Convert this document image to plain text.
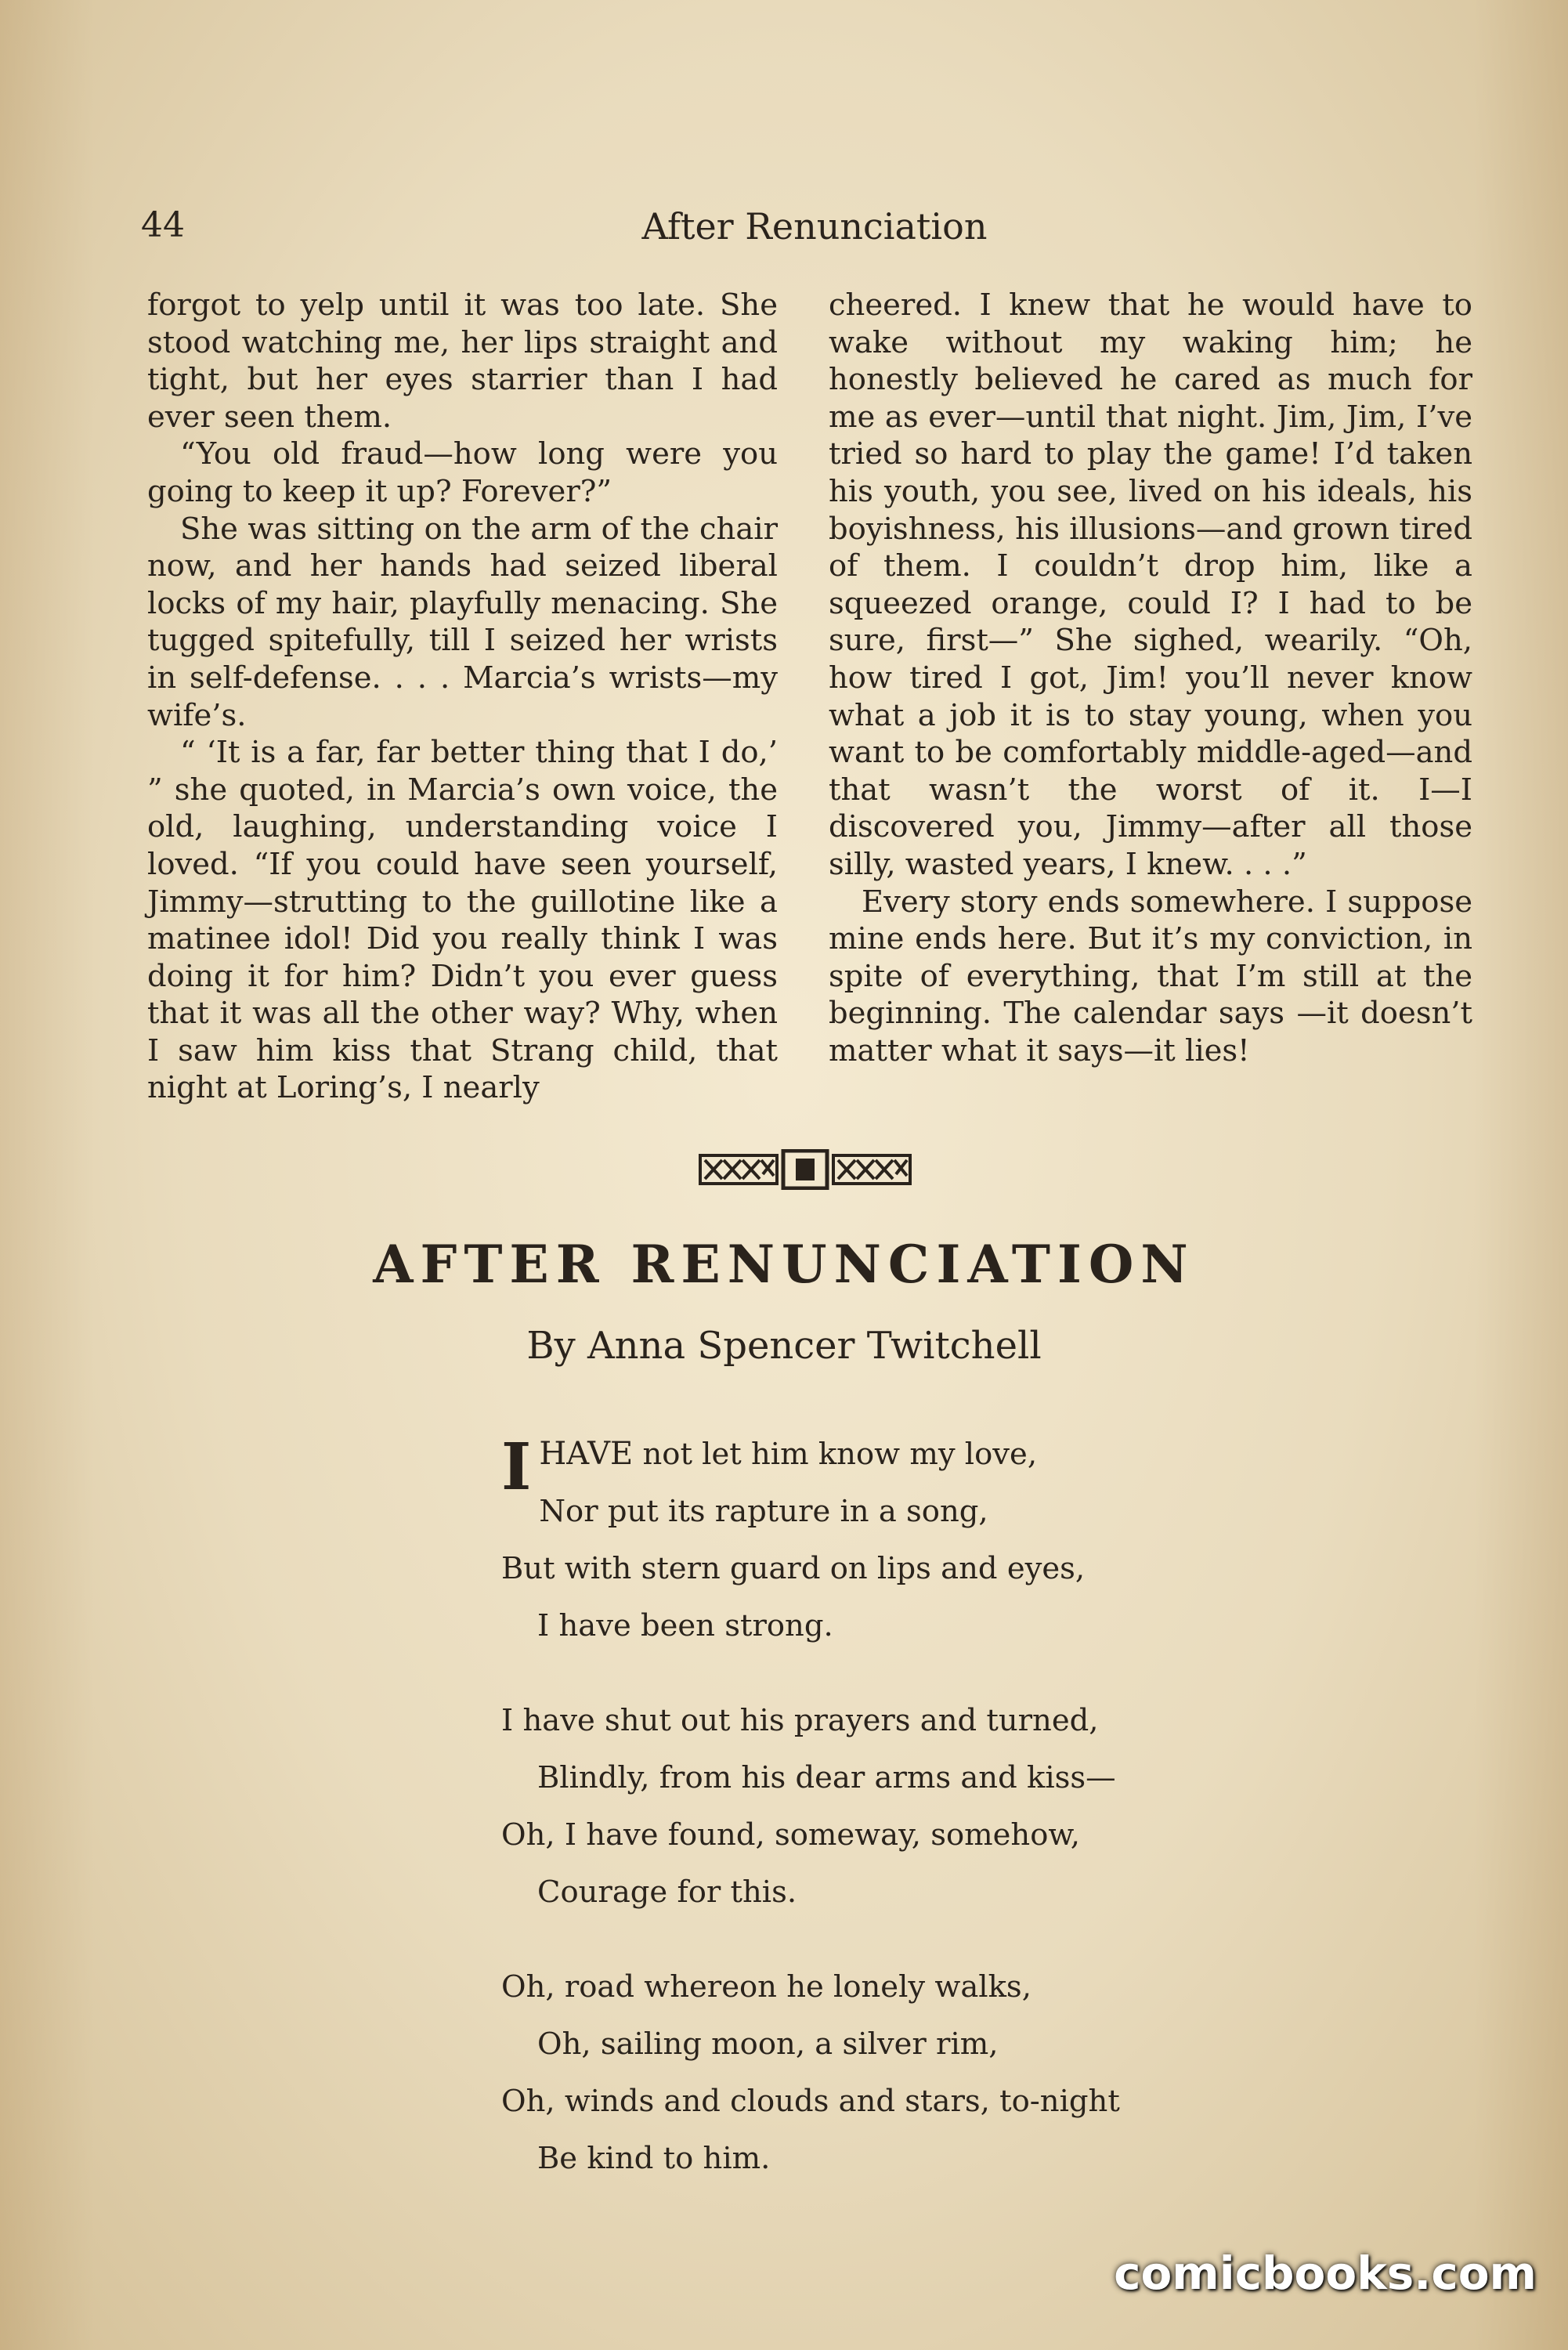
44	After Renunciation

forgot to yelp until it was too late. She stood watching me, her lips straight and tight, but her eyes starrier than I had ever seen them.

“You old fraud—how long were you going to keep it up? Forever?”

She was sitting on the arm of the chair now, and her hands had seized liberal locks of my hair, playfully menacing. She tugged spitefully, till I seized her wrists in self-defense. . . . Marcia’s wrists—my wife’s.

“ ‘It is a far, far better thing that I do,’ ” she quoted, in Marcia’s own voice, the old, laughing, understanding voice I loved. “If you could have seen yourself, Jimmy—strutting to the guillotine like a matinee idol! Did you really think I was doing it for him? Didn’t you ever guess that it was all the other way? Why, when I saw him kiss that Strang child, that night at Loring’s, I nearly

cheered. I knew that he would have to wake without my waking him; he honestly believed he cared as much for me as ever—until that night. Jim, Jim, I’ve tried so hard to play the game! I’d taken his youth, you see, lived on his ideals, his boyishness, his illusions—and grown tired of them. I couldn’t drop him, like a squeezed orange, could I? I had to be sure, first—” She sighed, wearily. “Oh, how tired I got, Jim! you’ll never know what a job it is to stay young, when you want to be comfortably middle-aged—and that wasn’t the worst of it. I—I discovered you, Jimmy—after all those silly, wasted years, I knew. . . .”

Every story ends somewhere. I suppose mine ends here. But it’s my conviction, in spite of everything, that I’m still at the beginning. The calendar says —it doesn’t matter what it says—it lies!

AFTER RENUNCIATION
By Anna Spencer Twitchell
IHAVE not let him know my love,
Nor put its rapture in a song,
But with stern guard on lips and eyes,
I have been strong.
I have shut out his prayers and turned,
Blindly, from his dear arms and kiss—
Oh, I have found, someway, somehow,
Courage for this.
Oh, road whereon he lonely walks,
Oh, sailing moon, a silver rim,
Oh, winds and clouds and stars, to-night
Be kind to him.
comicbooks.com
